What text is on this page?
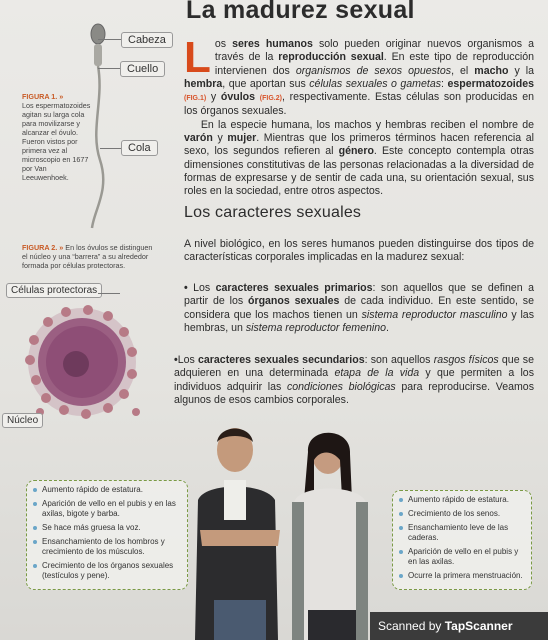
La madurez sexual
Cabeza
Cuello
Cola
FIGURA 1. »
Los espermatozoides agitan su larga cola para movilizarse y alcanzar el óvulo. Fueron vistos por primera vez al microscopio en 1677 por Van Leeuwenhoek.
Los seres humanos solo pueden originar nuevos organismos a través de la reproducción sexual. En este tipo de reproducción intervienen dos organismos de sexos opuestos, el macho y la hembra, que aportan sus células sexuales o gametas: espermatozoides (FIG.1) y óvulos (FIG.2), respectivamente. Estas células son producidas en los órganos sexuales.
En la especie humana, los machos y hembras reciben el nombre de varón y mujer. Mientras que los primeros términos hacen referencia al sexo, los segundos refieren al género. Este concepto contempla otras dimensiones constitutivas de las personas relacionadas a la diversidad de formas de expresarse y de sentir de cada una, su orientación sexual, sus roles en la sociedad, entre otros aspectos.
Los caracteres sexuales
FIGURA 2. » En los óvulos se distinguen el núcleo y una “barrera” a su alrededor formada por células protectoras.
A nivel biológico, en los seres humanos pueden distinguirse dos tipos de características corporales implicadas en la madurez sexual:
• Los caracteres sexuales primarios: son aquellos que se definen a partir de los órganos sexuales de cada individuo. En este sentido, se considera que los machos tienen un sistema reproductor masculino y las hembras, un sistema reproductor femenino.
•Los caracteres sexuales secundarios: son aquellos rasgos físicos que se adquieren en una determinada etapa de la vida y que permiten a los individuos adquirir las condiciones biológicas para reproducirse. Veamos algunos de esos cambios corporales.
Células protectoras
Núcleo
Aumento rápido de estatura.
Aparición de vello en el pubis y en las axilas, bigote y barba.
Se hace más gruesa la voz.
Ensanchamiento de los hombros y crecimiento de los músculos.
Crecimiento de los órganos sexuales (testículos y pene).
Aumento rápido de estatura.
Crecimiento de los senos.
Ensanchamiento leve de las caderas.
Aparición de vello en el pubis y en las axilas.
Ocurre la primera menstruación.
Scanned by TapScanner
